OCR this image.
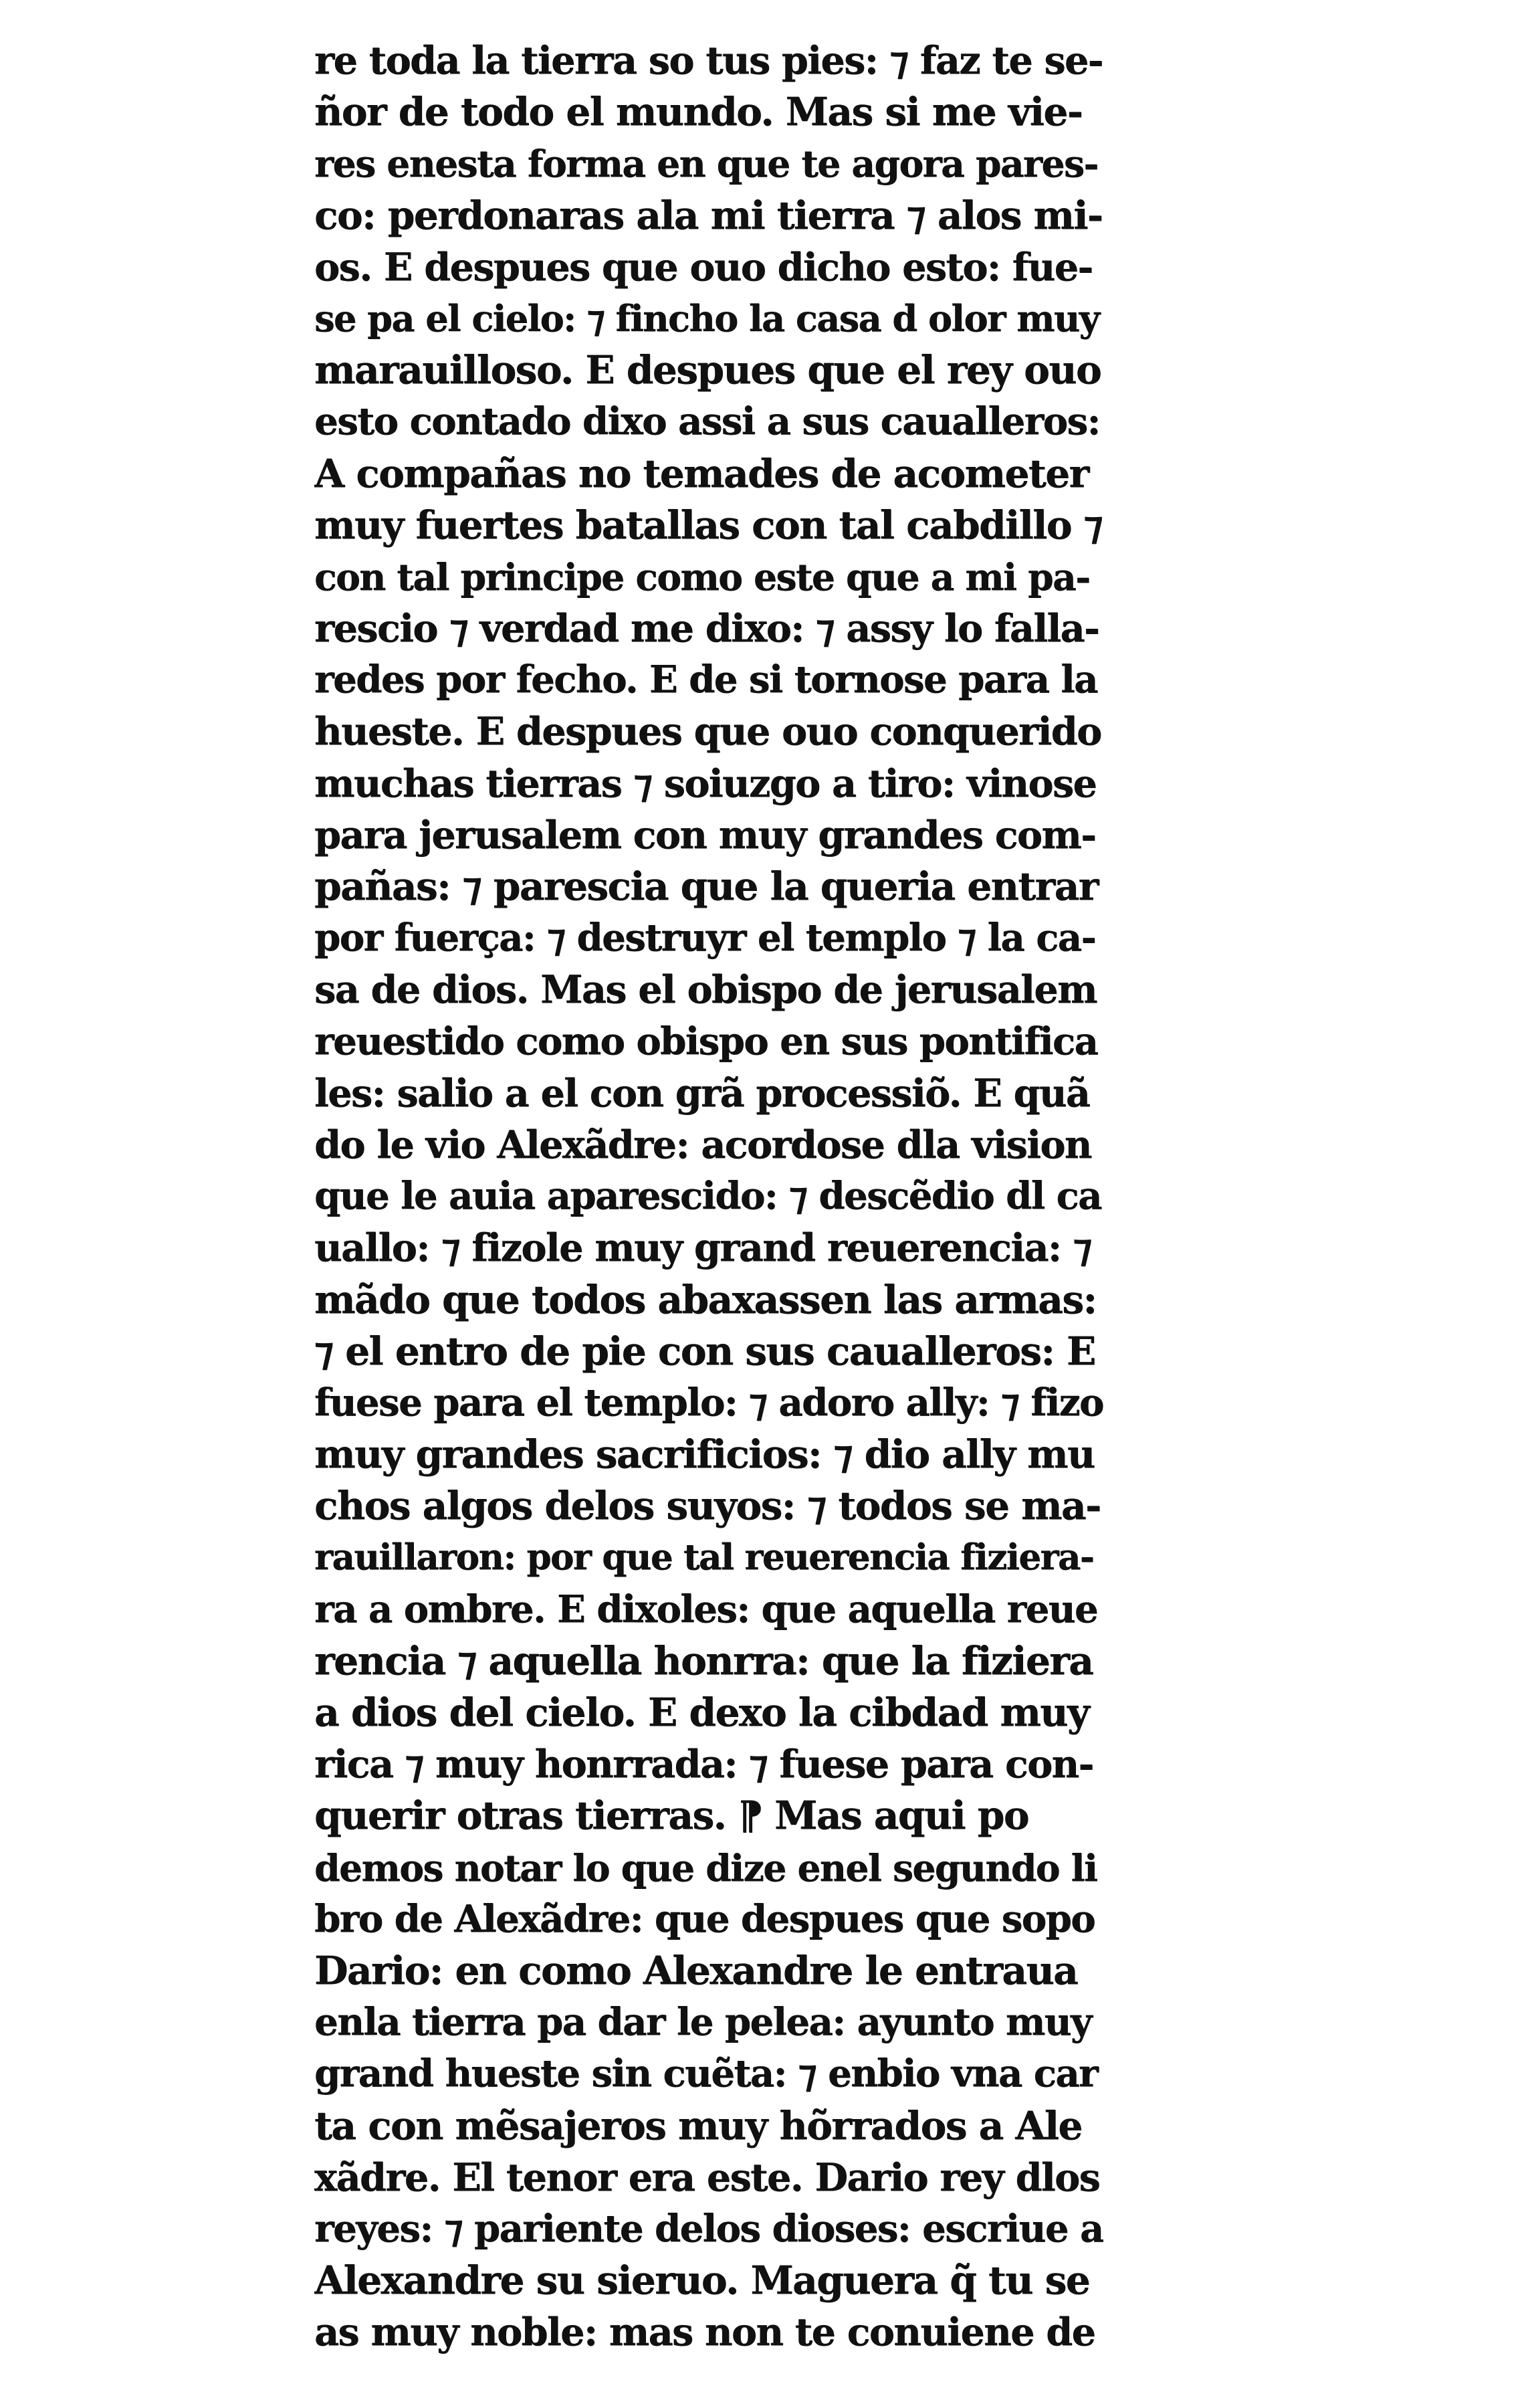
re toda la tierra so tus pies: ⁊ faz te se-
ñor de todo el mundo. Mas si me vie-
res enesta forma en que te agora pares-
co: perdonaras ala mi tierra ⁊ alos mi-
os. E despues que ouo dicho esto: fue-
se pa el cielo: ⁊ fincho la casa d olor muy
marauilloso. E despues que el rey ouo
esto contado dixo assi a sus caualleros:
A compañas no temades de acometer
muy fuertes batallas con tal cabdillo ⁊
con tal principe como este que a mi pa-
rescio ⁊ verdad me dixo: ⁊ assy lo falla-
redes por fecho. E de si tornose para la
hueste. E despues que ouo conquerido
muchas tierras ⁊ soiuzgo a tiro: vinose
para jerusalem con muy grandes com-
pañas: ⁊ parescia que la queria entrar
por fuerça: ⁊ destruyr el templo ⁊ la ca-
sa de dios. Mas el obispo de jerusalem
reuestido como obispo en sus pontifica
les: salio a el con grã processiõ. E quã
do le vio Alexãdre: acordose dla vision
que le auia aparescido: ⁊ descẽdio dl ca
uallo: ⁊ fizole muy grand reuerencia: ⁊
mãdo que todos abaxassen las armas:
⁊ el entro de pie con sus caualleros: E
fuese para el templo: ⁊ adoro ally: ⁊ fizo
muy grandes sacrificios: ⁊ dio ally mu
chos algos delos suyos: ⁊ todos se ma-
rauillaron: por que tal reuerencia fiziera-
ra a ombre. E dixoles: que aquella reue
rencia ⁊ aquella honrra: que la fiziera
a dios del cielo. E dexo la cibdad muy
rica ⁊ muy honrrada: ⁊ fuese para con-
querir otras tierras. ⁋ Mas aqui po
demos notar lo que dize enel segundo li
bro de Alexãdre: que despues que sopo
Dario: en como Alexandre le entraua
enla tierra pa dar le pelea: ayunto muy
grand hueste sin cuẽta: ⁊ enbio vna car
ta con mẽsajeros muy hõrrados a Ale
xãdre. El tenor era este. Dario rey dlos
reyes: ⁊ pariente delos dioses: escriue a
Alexandre su sieruo. Maguera q̃ tu se
as muy noble: mas non te conuiene de
